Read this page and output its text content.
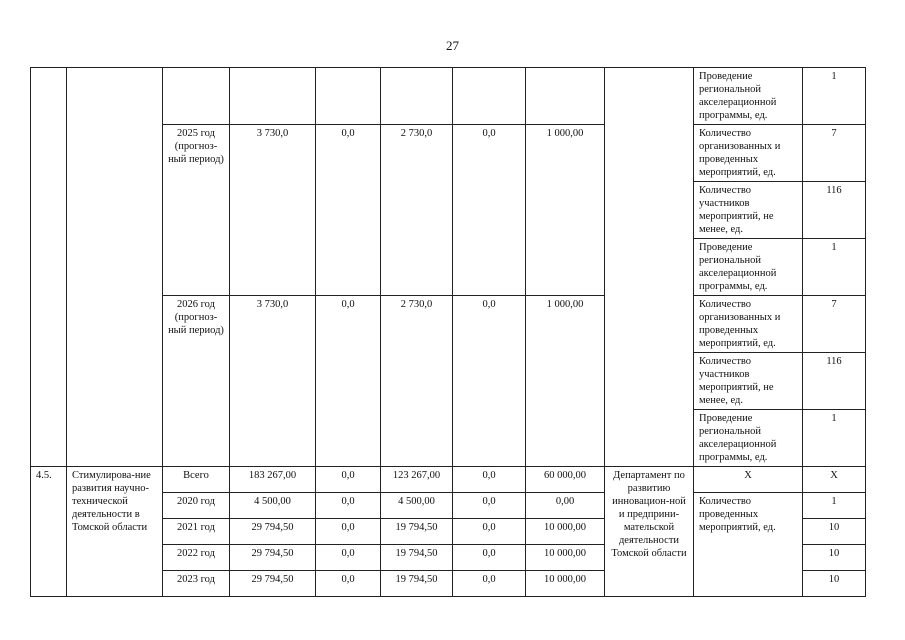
27
									Проведение региональной акселерационной программы, ед.	1
		2025 год (прогноз-ный период)	3 730,0	0,0	2 730,0	0,0	1 000,00		Количество организованных и проведенных мероприятий, ед.	7
									Количество участников мероприятий, не менее, ед.	116
									Проведение региональной акселерационной программы, ед.	1
		2026 год (прогноз-ный период)	3 730,0	0,0	2 730,0	0,0	1 000,00		Количество организованных и проведенных мероприятий, ед.	7
									Количество участников мероприятий, не менее, ед.	116
									Проведение региональной акселерационной программы, ед.	1
4.5.	Стимулирова-ние развития научно-технической деятельности в Томской области	Всего	183 267,00	0,0	123 267,00	0,0	60 000,00	Департамент по развитию инновацион-ной и предприни-мательской деятельности Томской области	X	X
		2020 год	4 500,00	0,0	4 500,00	0,0	0,00		Количество проведенных мероприятий, ед.	1
		2021 год	29 794,50	0,0	19 794,50	0,0	10 000,00			10
		2022 год	29 794,50	0,0	19 794,50	0,0	10 000,00			10
		2023 год	29 794,50	0,0	19 794,50	0,0	10 000,00			10
